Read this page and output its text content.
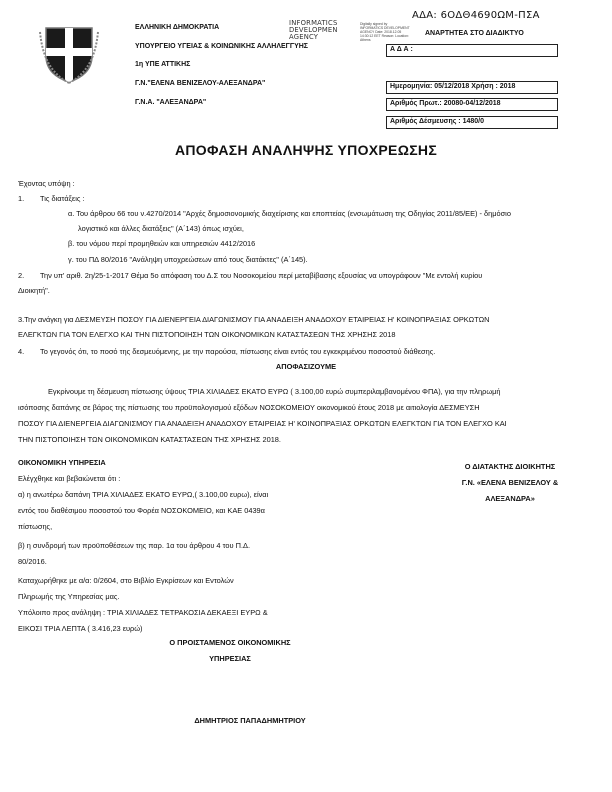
ΑΔΑ: 6ΟΔΘ4690ΩΜ-ΠΣΑ
ΕΛΛΗΝΙΚΗ ΔΗΜΟΚΡΑΤΙΑ
ΥΠΟΥΡΓΕΙΟ ΥΓΕΙΑΣ & ΚΟΙΝΩΝΙΚΗΣ ΑΛΛΗΛΕΓΓΥΗΣ
1η ΥΠΕ ΑΤΤΙΚΗΣ
Γ.Ν."ΕΛΕΝΑ ΒΕΝΙΖΕΛΟΥ-ΑΛΕΞΑΝΔΡΑ"
Γ.Ν.Α. "ΑΛΕΞΑΝΔΡΑ"
INFORMATICS
DEVELOPMEN
AGENCY
Digitally signed by INFORMATICS DEVELOPMENT AGENCY Date: 2018.12.05 14:30:12 EET Reason: Location: Athens
ΑΝΑΡΤΗΤΕΑ ΣΤΟ ΔΙΑΔΙΚΤΥΟ
Α Δ Α :
Ημερομηνία: 05/12/2018 Χρήση : 2018
Αριθμός Πρωτ.: 20080-04/12/2018
Αριθμός Δέσμευσης : 1480/0
ΑΠΟΦΑΣΗ ΑΝΑΛΗΨΗΣ ΥΠΟΧΡΕΩΣΗΣ
Έχοντας υπόψη :
1. Τις διατάξεις :
α. Του άρθρου 66 του ν.4270/2014 "Αρχές δημοσιονομικής διαχείρισης και εποπτείας (ενσωμάτωση της Οδηγίας 2011/85/ΕΕ) - δημόσιο
λογιστικό και άλλες διατάξεις" (Α΄143) όπως ισχύει,
β. του νόμου περί προμηθειών και υπηρεσιών 4412/2016
γ. του ΠΔ 80/2016 "Ανάληψη υποχρεώσεων από τους διατάκτες" (Α΄145).
2. Την υπ' αριθ. 2η/25-1-2017 Θέμα 5ο απόφαση του Δ.Σ του Νοσοκομείου περί μεταβίβασης εξουσίας να υπογράφουν "Με εντολή κυρίου
Διοικητή".
3.Την ανάγκη για ΔΕΣΜΕΥΣΗ ΠΟΣΟΥ ΓΙΑ ΔΙΕΝΕΡΓΕΙΑ ΔΙΑΓΩΝΙΣΜΟΥ ΓΙΑ ΑΝΑΔΕΙΞΗ ΑΝΑΔΟΧΟΥ ΕΤΑΙΡΕΙΑΣ Η' ΚΟΙΝΟΠΡΑΞΙΑΣ ΟΡΚΩΤΩΝ
ΕΛΕΓΚΤΩΝ ΓΙΑ ΤΟΝ ΕΛΕΓΧΟ ΚΑΙ ΤΗΝ ΠΙΣΤΟΠΟΙΗΣΗ ΤΩΝ ΟΙΚΟΝΟΜΙΚΩΝ ΚΑΤΑΣΤΑΣΕΩΝ ΤΗΣ ΧΡΗΣΗΣ 2018
4. Το γεγονός ότι, το ποσό της δεσμευόμενης, με την παρούσα, πίστωσης είναι εντός του εγκεκριμένου ποσοστού διάθεσης.
ΑΠΟΦΑΣΙΖΟΥΜΕ
Εγκρίνουμε τη δέσμευση πίστωσης ύψους ΤΡΙΑ ΧΙΛΙΑΔΕΣ ΕΚΑΤΟ ΕΥΡΩ ( 3.100,00 ευρώ συμπεριλαμβανομένου ΦΠΑ), για την πληρωμή
ισόποσης δαπάνης σε βάρος της πίστωσης του προϋπολογισμού εξόδων ΝΟΣΟΚΟΜΕΙΟΥ οικονομικού έτους 2018 με αιτιολογία ΔΕΣΜΕΥΣΗ
ΠΟΣΟΥ ΓΙΑ ΔΙΕΝΕΡΓΕΙΑ ΔΙΑΓΩΝΙΣΜΟΥ ΓΙΑ ΑΝΑΔΕΙΞΗ ΑΝΑΔΟΧΟΥ ΕΤΑΙΡΕΙΑΣ Η' ΚΟΙΝΟΠΡΑΞΙΑΣ ΟΡΚΩΤΩΝ ΕΛΕΓΚΤΩΝ ΓΙΑ ΤΟΝ ΕΛΕΓΧΟ ΚΑΙ
ΤΗΝ ΠΙΣΤΟΠΟΙΗΣΗ ΤΩΝ ΟΙΚΟΝΟΜΙΚΩΝ ΚΑΤΑΣΤΑΣΕΩΝ ΤΗΣ ΧΡΗΣΗΣ 2018.
ΟΙΚΟΝΟΜΙΚΗ ΥΠΗΡΕΣΙΑ
Ελέγχθηκε και βεβαιώνεται ότι :
α) η ανωτέρω δαπάνη ΤΡΙΑ ΧΙΛΙΑΔΕΣ ΕΚΑΤΟ ΕΥΡΩ,( 3.100,00 ευρω), είναι
εντός του διαθέσιμου ποσοστού του Φορέα ΝΟΣΟΚΟΜΕΙΟ, και ΚΑΕ 0439α
πίστωσης,
β) η συνδρομή των προϋποθέσεων της παρ. 1α του άρθρου 4 του Π.Δ.
80/2016.
Καταχωρήθηκε με α/α: 0/2604, στο Βιβλίο Εγκρίσεων και Εντολών
Πληρωμής της Υπηρεσίας μας.
Υπόλοιπο προς ανάληψη : ΤΡΙΑ ΧΙΛΙΑΔΕΣ ΤΕΤΡΑΚΟΣΙΑ ΔΕΚΑΕΞΙ ΕΥΡΩ &
ΕΙΚΟΣΙ ΤΡΙΑ ΛΕΠΤΑ ( 3.416,23 ευρώ)
Ο ΠΡΟΙΣΤΑΜΕΝΟΣ ΟΙΚΟΝΟΜΙΚΗΣ
ΥΠΗΡΕΣΙΑΣ
ΔΗΜΗΤΡΙΟΣ ΠΑΠΑΔΗΜΗΤΡΙΟΥ
Ο ΔΙΑΤΑΚΤΗΣ ΔΙΟΙΚΗΤΗΣ
Γ.Ν. «ΕΛΕΝΑ ΒΕΝΙΖΕΛΟΥ &
ΑΛΕΞΑΝΔΡΑ»
